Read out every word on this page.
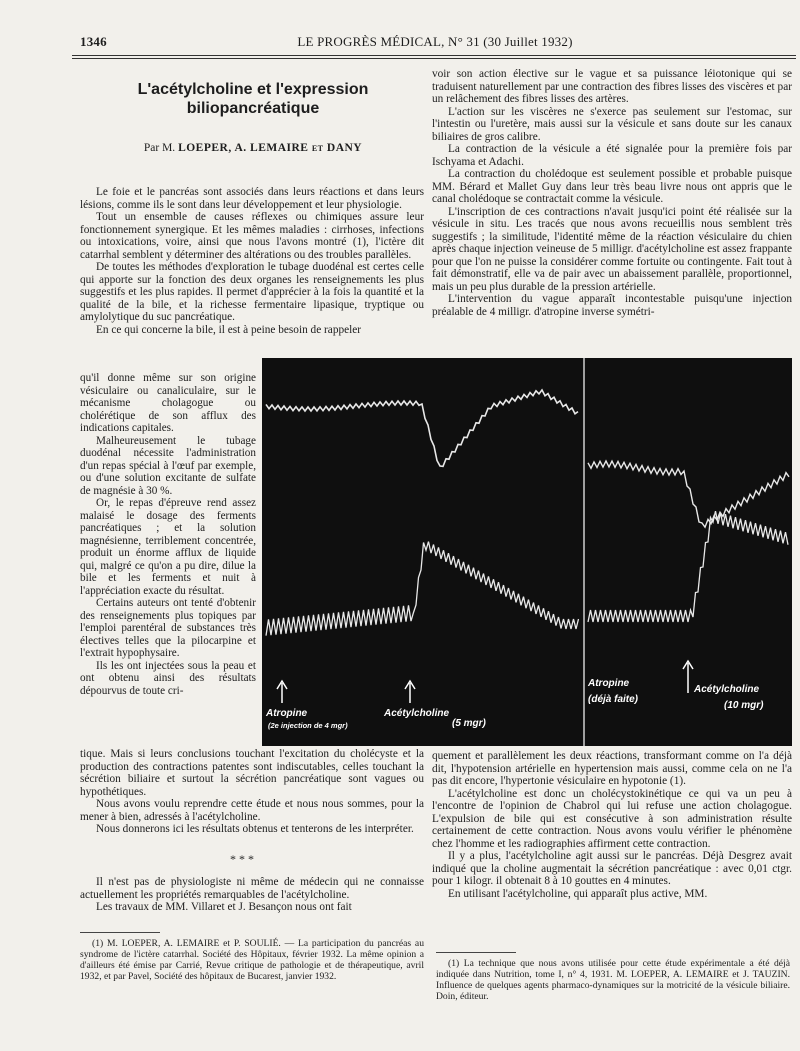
1346	LE PROGRÈS MÉDICAL, N° 31 (30 Juillet 1932)
L'acétylcholine et l'expression biliopancréatique
Par M. LOEPER, A. LEMAIRE et DANY

Le foie et le pancréas sont associés dans leurs réactions et dans leurs lésions, comme ils le sont dans leur développement et leur physiologie.

Tout un ensemble de causes réflexes ou chimiques assure leur fonctionnement synergique. Et les mêmes maladies : cirrhoses, infections ou intoxications, voire, ainsi que nous l'avons montré (1), l'ictère dit catarrhal semblent y déterminer des altérations ou des troubles parallèles.

De toutes les méthodes d'exploration le tubage duodénal est certes celle qui apporte sur la fonction des deux organes les renseignements les plus suggestifs et les plus rapides. Il permet d'apprécier à la fois la quantité et la qualité de la bile, et la richesse fermentaire lipasique, tryptique ou amylolytique du suc pancréatique.

En ce qui concerne la bile, il est à peine besoin de rappeler

qu'il donne même sur son origine vésiculaire ou canaliculaire, sur le mécanisme cholagogue ou cholérétique de son afflux des indications capitales.

Malheureusement le tubage duodénal nécessite l'administration d'un repas spécial à l'œuf par exemple, ou d'une solution excitante de sulfate de magnésie à 30 %.

Or, le repas d'épreuve rend assez malaisé le dosage des ferments pancréatiques ; et la solution magnésienne, terriblement concentrée, produit un énorme afflux de liquide qui, malgré ce qu'on a pu dire, dilue la bile et les ferments et nuit à l'appréciation exacte du résultat.

Certains auteurs ont tenté d'obtenir des renseignements plus topiques par l'emploi parentéral de substances très électives telles que la pilocarpine et l'extrait hypophysaire.

Ils les ont injectées sous la peau et ont obtenu ainsi des résultats dépourvus de toute cri-

tique. Mais si leurs conclusions touchant l'excitation du cholécyste et la production des contractions patentes sont indiscutables, celles touchant la sécrétion biliaire et surtout la sécrétion pancréatique sont vagues ou hypothétiques.

Nous avons voulu reprendre cette étude et nous nous sommes, pour la mener à bien, adressés à l'acétylcholine.

Nous donnerons ici les résultats obtenus et tenterons de les interpréter.

* * *

Il n'est pas de physiologiste ni même de médecin qui ne connaisse actuellement les propriétés remarquables de l'acétylcholine.

Les travaux de MM. Villaret et J. Besançon nous ont fait

voir son action élective sur le vague et sa puissance léiotonique qui se traduisent naturellement par une contraction des fibres lisses des viscères et par un relâchement des fibres lisses des artères.

L'action sur les viscères ne s'exerce pas seulement sur l'estomac, sur l'intestin ou l'uretère, mais aussi sur la vésicule et sans doute sur les canaux biliaires de gros calibre.

La contraction de la vésicule a été signalée pour la première fois par Ischyama et Adachi.

La contraction du cholédoque est seulement possible et probable puisque MM. Bérard et Mallet Guy dans leur très beau livre nous ont appris que le canal cholédoque se contractait comme la vésicule.

L'inscription de ces contractions n'avait jusqu'ici point été réalisée sur la vésicule in situ. Les tracés que nous avons recueillis nous semblent très suggestifs ; la similitude, l'identité même de la réaction vésiculaire du chien après chaque injection veineuse de 5 milligr. d'acétylcholine est assez frappante pour que l'on ne puisse la considérer comme fortuite ou contingente. Fait tout à fait démonstratif, elle va de pair avec un abaissement parallèle, proportionnel, mais un peu plus durable de la pression artérielle.

L'intervention du vague apparaît incontestable puisqu'une injection préalable de 4 milligr. d'atropine inverse symétri-

quement et parallèlement les deux réactions, transformant comme on l'a déjà dit, l'hypotension artérielle en hypertension mais aussi, comme cela on ne l'a pas dit encore, l'hypertonie vésiculaire en hypotonie (1).

L'acétylcholine est donc un cholécystokinétique ce qui va un peu à l'encontre de l'opinion de Chabrol qui lui refuse une action cholagogue. L'expulsion de bile qui est consécutive à son administration résulte certainement de cette contraction. Nous avons voulu vérifier le phénomène chez l'homme et les radiographies affirment cette contraction.

Il y a plus, l'acétylcholine agit aussi sur le pancréas. Déjà Desgrez avait indiqué que la choline augmentait la sécrétion pancréatique : avec 0,01 ctgr. pour 1 kilogr. il obtenait 8 à 10 gouttes en 4 minutes.

En utilisant l'acétylcholine, qui apparaît plus active, MM.

Atropine
(2e injection de 4 mgr)
Acétylcholine
(5 mgr)
Atropine
(déjà faite)
Acétylcholine
(10 mgr)

(1) M. LOEPER, A. LEMAIRE et P. SOULIÉ. — La participation du pancréas au syndrome de l'ictère catarrhal. Société des Hôpitaux, février 1932. La même opinion a d'ailleurs été émise par Carrié, Revue critique de pathologie et de thérapeutique, avril 1932, et par Pavel, Société des hôpitaux de Bucarest, janvier 1932.

(1) La technique que nous avons utilisée pour cette étude expérimentale a été déjà indiquée dans Nutrition, tome I, n° 4, 1931. M. LOEPER, A. LEMAIRE et J. TAUZIN. Influence de quelques agents pharmaco-dynamiques sur la motricité de la vésicule biliaire. Doin, éditeur.
